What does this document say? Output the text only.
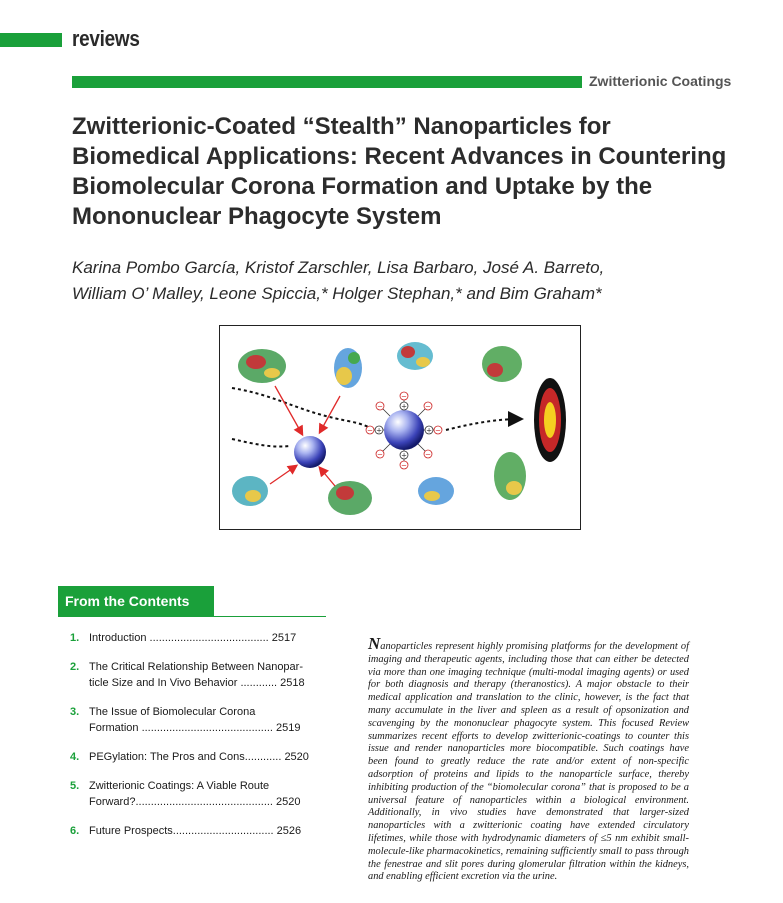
reviews
Zwitterionic Coatings
Zwitterionic-Coated “Stealth” Nanoparticles for
Biomedical Applications: Recent Advances in Countering
Biomolecular Corona Formation and Uptake by the
Mononuclear Phagocyte System

Karina Pombo García, Kristof Zarschler, Lisa Barbaro, José A. Barreto,
William O’ Malley, Leone Spiccia,* Holger Stephan,* and Bim Graham*

−
−
−
−
−	−
−	−
+
+
+
+
From the Contents
1. Introduction ....................................... 2517
2. The Critical Relationship Between Nanopar-
ticle Size and In Vivo Behavior ............ 2518
3. The Issue of Biomolecular Corona
Formation ........................................... 2519
4. PEGylation: The Pros and Cons............ 2520
5. Zwitterionic Coatings: A Viable Route
Forward?............................................. 2520
6. Future Prospects................................. 2526

Nanoparticles represent highly promising platforms for the development of imaging and therapeutic agents, including those that can either be detected via more than one imaging technique (multi-modal imaging agents) or used for both diagnosis and therapy (theranostics). A major obstacle to their medical application and translation to the clinic, however, is the fact that many accumulate in the liver and spleen as a result of opsonization and scavenging by the mononuclear phagocyte system. This focused Review summarizes recent efforts to develop zwitterionic-coatings to counter this issue and render nanoparticles more biocompatible. Such coatings have been found to greatly reduce the rate and/or extent of non-specific adsorption of proteins and lipids to the nanoparticle surface, thereby inhibiting production of the “biomolecular corona” that is proposed to be a universal feature of nanoparticles within a biological environment. Additionally, in vivo studies have demonstrated that larger-sized nanoparticles with a zwitterionic coating have extended circulatory lifetimes, while those with hydrodynamic diameters of ≤5 nm exhibit small-molecule-like pharmacokinetics, remaining sufficiently small to pass through the fenestrae and slit pores during glomerular filtration within the kidneys, and enabling efficient excretion via the urine.
